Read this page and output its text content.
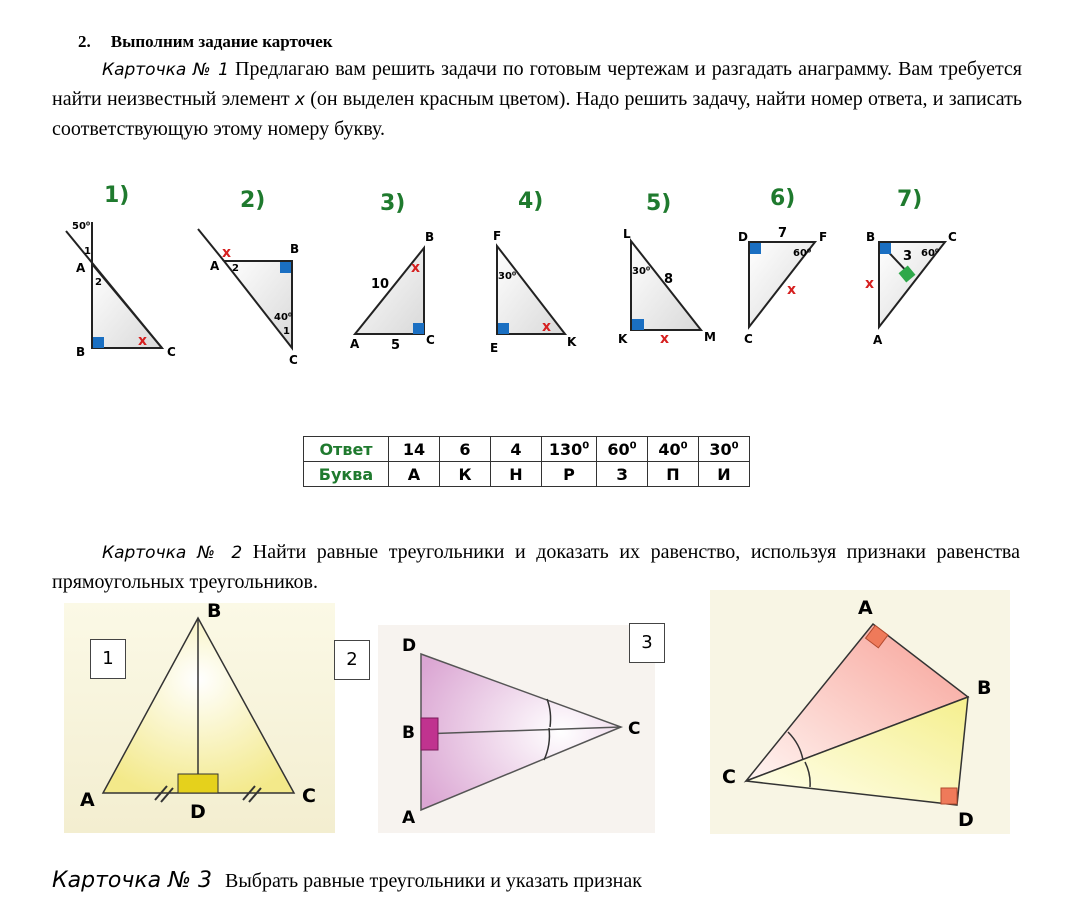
2. Выполним задание карточек
Карточка № 1 Предлагаю вам решить задачи по готовым чертежам и разгадать анаграмму. Вам требуется найти неизвестный элемент x (он выделен красным цветом). Надо решить задачу, найти номер ответа, и записать соответствующую этому номеру букву.
1)	2)	3)	4)	5)	6)	7)
50⁰
1
2
A
B	C
x
A
B
C
x
2
1
40⁰
B
A	C
10
5
x
F
E	K
30⁰
x
L
K	M
30⁰
8
x
D	F
C
7
60⁰
x
B	C
A
3 60⁰
x
Ответ	14	6	4	$130^0$	$60^0$	$40^0$	$30^0$
Буква	А	К	Н	Р	З	П	И
Карточка № 2 Найти равные треугольники и доказать их равенство, используя признаки равенства прямоугольных треугольников.
B
A	C
D
D
B
A
C
A
B
C
D
1	2
3
Карточка № 3 Выбрать равные треугольники и указать признак
